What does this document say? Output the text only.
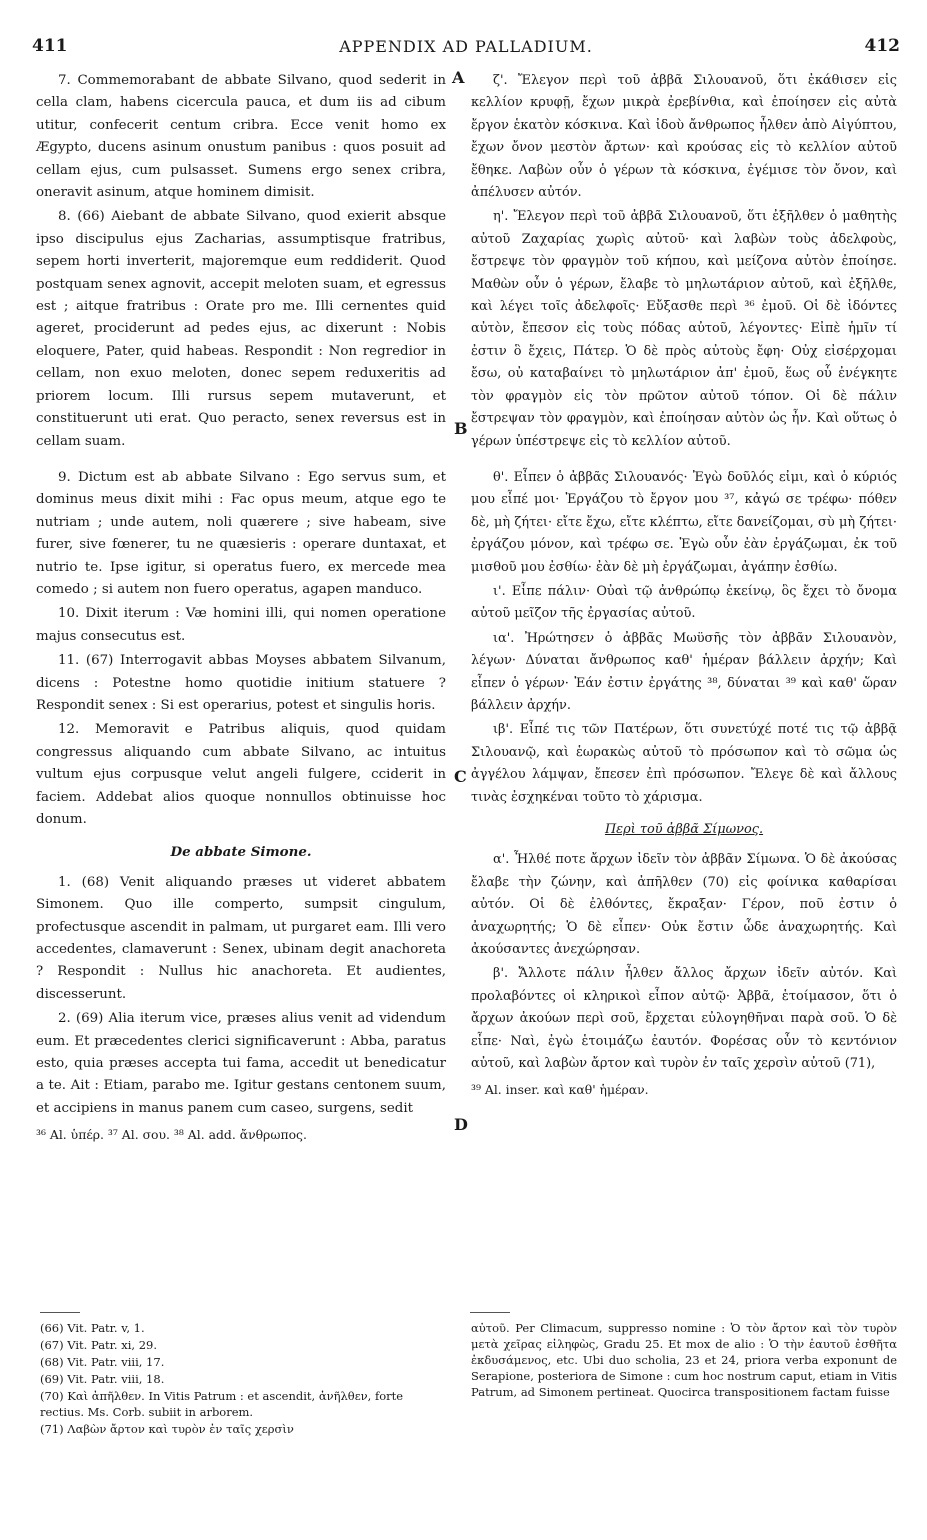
411	APPENDIX AD PALLADIUM.	412
A
B
C
D

7. Commemorabant de abbate Silvano, quod sederit in cella clam, habens cicercula pauca, et dum iis ad cibum utitur, confecerit centum cribra. Ecce venit homo ex Ægypto, ducens asinum onustum panibus : quos posuit ad cellam ejus, cum pulsasset. Sumens ergo senex cribra, oneravit asinum, atque hominem dimisit.

8. (66) Aiebant de abbate Silvano, quod exierit absque ipso discipulus ejus Zacharias, assumptisque fratribus, sepem horti inverterit, majoremque eum reddiderit. Quod postquam senex agnovit, accepit meloten suam, et egressus est ; aitque fratribus : Orate pro me. Illi cernentes quid ageret, prociderunt ad pedes ejus, ac dixerunt : Nobis eloquere, Pater, quid habeas. Respondit : Non regredior in cellam, non exuo meloten, donec sepem reduxeritis ad priorem locum. Illi rursus sepem mutaverunt, et constituerunt uti erat. Quo peracto, senex reversus est in cellam suam.

9. Dictum est ab abbate Silvano : Ego servus sum, et dominus meus dixit mihi : Fac opus meum, atque ego te nutriam ; unde autem, noli quærere ; sive habeam, sive furer, sive fœnerer, tu ne quæsieris : operare duntaxat, et nutrio te. Ipse igitur, si operatus fuero, ex mercede mea comedo ; si autem non fuero operatus, agapen manduco.

10. Dixit iterum : Væ homini illi, qui nomen operatione majus consecutus est.

11. (67) Interrogavit abbas Moyses abbatem Silvanum, dicens : Potestne homo quotidie initium statuere ? Respondit senex : Si est operarius, potest et singulis horis.

12. Memoravit e Patribus aliquis, quod quidam congressus aliquando cum abbate Silvano, ac intuitus vultum ejus corpusque velut angeli fulgere, cciderit in faciem. Addebat alios quoque nonnullos obtinuisse hoc donum.

De abbate Simone.

1. (68) Venit aliquando præses ut videret abbatem Simonem. Quo ille comperto, sumpsit cingulum, profectusque ascendit in palmam, ut purgaret eam. Illi vero accedentes, clamaverunt : Senex, ubinam degit anachoreta ? Respondit : Nullus hic anachoreta. Et audientes, discesserunt.

2. (69) Alia iterum vice, præses alius venit ad videndum eum. Et præcedentes clerici significaverunt : Abba, paratus esto, quia præses accepta tui fama, accedit ut benedicatur a te. Ait : Etiam, parabo me. Igitur gestans centonem suum, et accipiens in manus panem cum caseo, surgens, sedit

³⁶ Al. ὑπέρ. ³⁷ Al. σου. ³⁸ Al. add. ἄνθρωπος.

ζ'. Ἔλεγον περὶ τοῦ ἀββᾶ Σιλουανοῦ, ὅτι ἐκάθισεν εἰς κελλίον κρυφῇ, ἔχων μικρὰ ἐρεβίνθια, καὶ ἐποίησεν εἰς αὐτὰ ἔργον ἑκατὸν κόσκινα. Καὶ ἰδοὺ ἄνθρωπος ἦλθεν ἀπὸ Αἰγύπτου, ἔχων ὄνον μεστὸν ἄρτων· καὶ κρούσας εἰς τὸ κελλίον αὐτοῦ ἔθηκε. Λαβὼν οὖν ὁ γέρων τὰ κόσκινα, ἐγέμισε τὸν ὄνον, καὶ ἀπέλυσεν αὐτόν.

η'. Ἔλεγον περὶ τοῦ ἀββᾶ Σιλουανοῦ, ὅτι ἐξῆλθεν ὁ μαθητὴς αὐτοῦ Ζαχαρίας χωρὶς αὐτοῦ· καὶ λαβὼν τοὺς ἀδελφοὺς, ἔστρεψε τὸν φραγμὸν τοῦ κήπου, καὶ μείζονα αὐτὸν ἐποίησε. Μαθὼν οὖν ὁ γέρων, ἔλαβε τὸ μηλωτάριον αὐτοῦ, καὶ ἐξῆλθε, καὶ λέγει τοῖς ἀδελφοῖς· Εὔξασθε περὶ ³⁶ ἐμοῦ. Οἱ δὲ ἰδόντες αὐτὸν, ἔπεσον εἰς τοὺς πόδας αὐτοῦ, λέγοντες· Εἰπὲ ἡμῖν τί ἐστιν ὃ ἔχεις, Πάτερ. Ὁ δὲ πρὸς αὐτοὺς ἔφη· Οὐχ εἰσέρχομαι ἔσω, οὐ καταβαίνει τὸ μηλωτάριον ἀπ' ἐμοῦ, ἕως οὗ ἐνέγκητε τὸν φραγμὸν εἰς τὸν πρῶτον αὐτοῦ τόπον. Οἱ δὲ πάλιν ἔστρεψαν τὸν φραγμὸν, καὶ ἐποίησαν αὐτὸν ὡς ἦν. Καὶ οὕτως ὁ γέρων ὑπέστρεψε εἰς τὸ κελλίον αὐτοῦ.

θ'. Εἶπεν ὁ ἀββᾶς Σιλουανός· Ἐγὼ δοῦλός εἰμι, καὶ ὁ κύριός μου εἶπέ μοι· Ἐργάζου τὸ ἔργον μου ³⁷, κἀγώ σε τρέφω· πόθεν δὲ, μὴ ζήτει· εἴτε ἔχω, εἴτε κλέπτω, εἴτε δανείζομαι, σὺ μὴ ζήτει· ἐργάζου μόνον, καὶ τρέφω σε. Ἐγὼ οὖν ἐὰν ἐργάζωμαι, ἐκ τοῦ μισθοῦ μου ἐσθίω· ἐὰν δὲ μὴ ἐργάζωμαι, ἀγάπην ἐσθίω.

ι'. Εἶπε πάλιν· Οὐαὶ τῷ ἀνθρώπῳ ἐκείνῳ, ὃς ἔχει τὸ ὄνομα αὐτοῦ μεῖζον τῆς ἐργασίας αὐτοῦ.

ια'. Ἠρώτησεν ὁ ἀββᾶς Μωϋσῆς τὸν ἀββᾶν Σιλουανὸν, λέγων· Δύναται ἄνθρωπος καθ' ἡμέραν βάλλειν ἀρχήν; Καὶ εἶπεν ὁ γέρων· Ἐάν ἐστιν ἐργάτης ³⁸, δύναται ³⁹ καὶ καθ' ὥραν βάλλειν ἀρχήν.

ιβ'. Εἶπέ τις τῶν Πατέρων, ὅτι συνετύχέ ποτέ τις τῷ ἀββᾷ Σιλουανῷ, καὶ ἑωρακὼς αὐτοῦ τὸ πρόσωπον καὶ τὸ σῶμα ὡς ἀγγέλου λάμψαν, ἔπεσεν ἐπὶ πρόσωπον. Ἔλεγε δὲ καὶ ἄλλους τινὰς ἐσχηκέναι τοῦτο τὸ χάρισμα.

Περὶ τοῦ ἀββᾶ Σίμωνος.

α'. Ἦλθέ ποτε ἄρχων ἰδεῖν τὸν ἀββᾶν Σίμωνα. Ὁ δὲ ἀκούσας ἔλαβε τὴν ζώνην, καὶ ἀπῆλθεν (70) εἰς φοίνικα καθαρίσαι αὐτόν. Οἱ δὲ ἐλθόντες, ἔκραξαν· Γέρον, ποῦ ἐστιν ὁ ἀναχωρητής; Ὁ δὲ εἶπεν· Οὐκ ἔστιν ὧδε ἀναχωρητής. Καὶ ἀκούσαντες ἀνεχώρησαν.

β'. Ἄλλοτε πάλιν ἦλθεν ἄλλος ἄρχων ἰδεῖν αὐτόν. Καὶ προλαβόντες οἱ κληρικοὶ εἶπον αὐτῷ· Ἀββᾶ, ἑτοίμασον, ὅτι ὁ ἄρχων ἀκούων περὶ σοῦ, ἔρχεται εὐλογηθῆναι παρὰ σοῦ. Ὁ δὲ εἶπε· Ναὶ, ἐγὼ ἑτοιμάζω ἐαυτόν. Φορέσας οὖν τὸ κεντόνιον αὐτοῦ, καὶ λαβὼν ἄρτον καὶ τυρὸν ἐν ταῖς χερσὶν αὐτοῦ (71),

³⁹ Al. inser. καὶ καθ' ἡμέραν.

(66) Vit. Patr. v, 1.
(67) Vit. Patr. xi, 29.
(68) Vit. Patr. viii, 17.
(69) Vit. Patr. viii, 18.
(70) Καὶ ἀπῆλθεν. In Vitis Patrum : et ascendit, ἀνῆλθεν, forte rectius. Ms. Corb. subiit in arborem.
(71) Λαβὼν ἄρτον καὶ τυρὸν ἐν ταῖς χερσὶν
αὐτοῦ. Per Climacum, suppresso nomine : Ὁ τὸν ἄρτον καὶ τὸν τυρὸν μετὰ χεῖρας εἰληφὼς, Gradu 25. Et mox de alio : Ὁ τὴν ἑαυτοῦ ἐσθῆτα ἐκδυσάμενος, etc. Ubi duo scholia, 23 et 24, priora verba exponunt de Serapione, posteriora de Simone : cum hoc nostrum caput, etiam in Vitis Patrum, ad Simonem pertineat. Quocirca transpositionem factam fuisse
